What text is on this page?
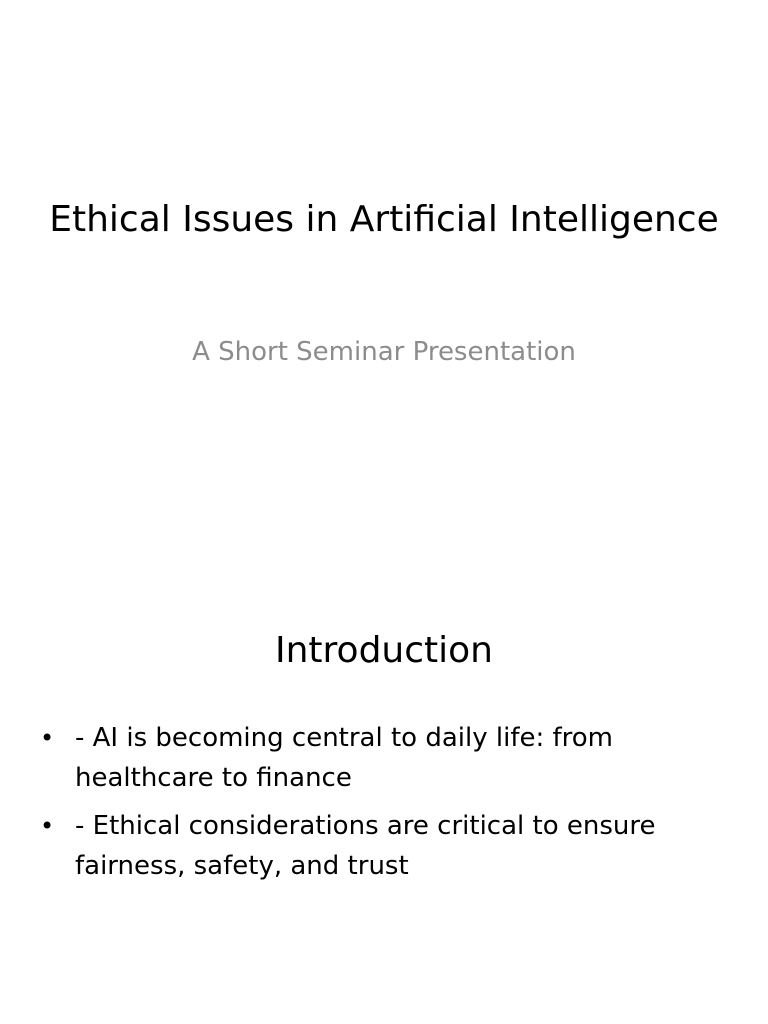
Ethical Issues in Artificial Intelligence

A Short Seminar Presentation

Introduction
• - AI is becoming central to daily life: from healthcare to finance
• - Ethical considerations are critical to ensure fairness, safety, and trust
